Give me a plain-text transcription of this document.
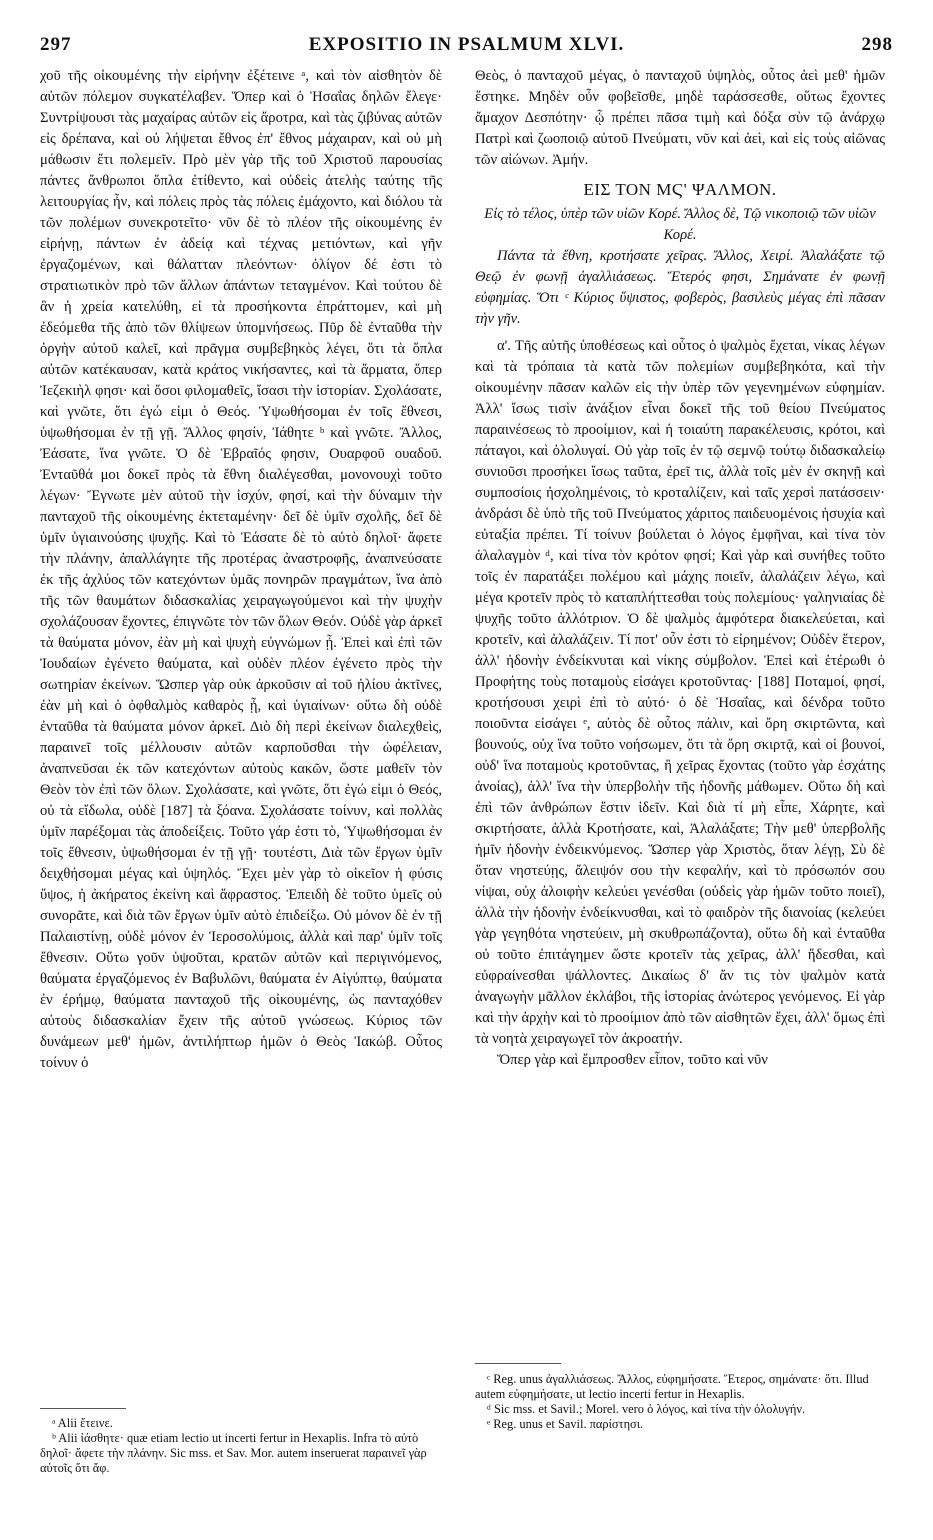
297	EXPOSITIO IN PSALMUM XLVI.	298

χοῦ τῆς οἰκουμένης τὴν εἰρήνην ἐξέτεινε ᵃ, καὶ τὸν αἰσθητὸν δὲ αὐτῶν πόλεμον συγκατέλαβεν. Ὅπερ καὶ ὁ Ἡσαΐας δηλῶν ἔλεγε· Συντρίψουσι τὰς μαχαίρας αὐτῶν εἰς ἄροτρα, καὶ τὰς ζιβύνας αὐτῶν εἰς δρέπανα, καὶ οὐ λήψεται ἔθνος ἐπ' ἔθνος μάχαιραν, καὶ οὐ μὴ μάθωσιν ἔτι πολεμεῖν. Πρὸ μὲν γὰρ τῆς τοῦ Χριστοῦ παρουσίας πάντες ἄνθρωποι ὅπλα ἐτίθεντο, καὶ οὐδεὶς ἀτελὴς ταύτης τῆς λειτουργίας ἦν, καὶ πόλεις πρὸς τὰς πόλεις ἐμάχοντο, καὶ διόλου τὰ τῶν πολέμων συνεκροτεῖτο· νῦν δὲ τὸ πλέον τῆς οἰκουμένης ἐν εἰρήνῃ, πάντων ἐν ἀδείᾳ καὶ τέχνας μετιόντων, καὶ γῆν ἐργαζομένων, καὶ θάλατταν πλεόντων· ὀλίγον δέ ἐστι τὸ στρατιωτικὸν πρὸ τῶν ἄλλων ἁπάντων τεταγμένον. Καὶ τούτου δὲ ἂν ἡ χρεία κατελύθη, εἰ τὰ προσήκοντα ἐπράττομεν, καὶ μὴ ἐδεόμεθα τῆς ἀπὸ τῶν θλίψεων ὑπομνήσεως. Πῦρ δὲ ἐνταῦθα τὴν ὀργὴν αὐτοῦ καλεῖ, καὶ πρᾶγμα συμβεβηκὸς λέγει, ὅτι τὰ ὅπλα αὐτῶν κατέκαυσαν, κατὰ κράτος νικήσαντες, καὶ τὰ ἅρματα, ὅπερ Ἰεζεκιὴλ φησι· καὶ ὅσοι φιλομαθεῖς, ἴσασι τὴν ἱστορίαν. Σχολάσατε, καὶ γνῶτε, ὅτι ἐγώ εἰμι ὁ Θεός. Ὑψωθήσομαι ἐν τοῖς ἔθνεσι, ὑψωθήσομαι ἐν τῇ γῇ. Ἄλλος φησίν, Ἰάθητε ᵇ καὶ γνῶτε. Ἄλλος, Ἐάσατε, ἵνα γνῶτε. Ὁ δὲ Ἑβραῖός φησιν, Ουαρφοῦ ουαδοῦ. Ἐνταῦθά μοι δοκεῖ πρὸς τὰ ἔθνη διαλέγεσθαι, μονονουχὶ τοῦτο λέγων· Ἔγνωτε μὲν αὐτοῦ τὴν ἰσχύν, φησί, καὶ τὴν δύναμιν τὴν πανταχοῦ τῆς οἰκουμένης ἐκτεταμένην· δεῖ δὲ ὑμῖν σχολῆς, δεῖ δὲ ὑμῖν ὑγιαινούσης ψυχῆς. Καὶ τὸ Ἐάσατε δὲ τὸ αὐτὸ δηλοῖ· ἄφετε τὴν πλάνην, ἀπαλλάγητε τῆς προτέρας ἀναστροφῆς, ἀναπνεύσατε ἐκ τῆς ἀχλύος τῶν κατεχόντων ὑμᾶς πονηρῶν πραγμάτων, ἵνα ἀπὸ τῆς τῶν θαυμάτων διδασκαλίας χειραγωγούμενοι καὶ τὴν ψυχὴν σχολάζουσαν ἔχοντες, ἐπιγνῶτε τὸν τῶν ὅλων Θεόν. Οὐδὲ γὰρ ἀρκεῖ τὰ θαύματα μόνον, ἐὰν μὴ καὶ ψυχὴ εὐγνώμων ᾖ. Ἐπεὶ καὶ ἐπὶ τῶν Ἰουδαίων ἐγένετο θαύματα, καὶ οὐδὲν πλέον ἐγένετο πρὸς τὴν σωτηρίαν ἐκείνων. Ὥσπερ γὰρ οὐκ ἀρκοῦσιν αἱ τοῦ ἡλίου ἀκτῖνες, ἐὰν μὴ καὶ ὁ ὀφθαλμὸς καθαρὸς ᾖ, καὶ ὑγιαίνων· οὕτω δὴ οὐδὲ ἐνταῦθα τὰ θαύματα μόνον ἀρκεῖ. Διὸ δὴ περὶ ἐκείνων διαλεχθεὶς, παραινεῖ τοῖς μέλλουσιν αὐτῶν καρποῦσθαι τὴν ὠφέλειαν, ἀναπνεῦσαι ἐκ τῶν κατεχόντων αὐτοὺς κακῶν, ὥστε μαθεῖν τὸν Θεὸν τὸν ἐπὶ τῶν ὅλων. Σχολάσατε, καὶ γνῶτε, ὅτι ἐγώ εἰμι ὁ Θεός, οὐ τὰ εἴδωλα, οὐδὲ [187] τὰ ξόανα. Σχολάσατε τοίνυν, καὶ πολλὰς ὑμῖν παρέξομαι τὰς ἀποδείξεις. Τοῦτο γάρ ἐστι τὸ, Ὑψωθήσομαι ἐν τοῖς ἔθνεσιν, ὑψωθήσομαι ἐν τῇ γῇ· τουτέστι, Διὰ τῶν ἔργων ὑμῖν δειχθήσομαι μέγας καὶ ὑψηλός. Ἔχει μὲν γὰρ τὸ οἰκεῖον ἡ φύσις ὕψος, ἡ ἀκήρατος ἐκείνη καὶ ἄφραστος. Ἐπειδὴ δὲ τοῦτο ὑμεῖς οὐ συνορᾶτε, καὶ διὰ τῶν ἔργων ὑμῖν αὐτὸ ἐπιδείξω. Οὐ μόνον δὲ ἐν τῇ Παλαιστίνῃ, οὐδὲ μόνον ἐν Ἱεροσολύμοις, ἀλλὰ καὶ παρ' ὑμῖν τοῖς ἔθνεσιν. Οὕτω γοῦν ὑψοῦται, κρατῶν αὐτῶν καὶ περιγινόμενος, θαύματα ἐργαζόμενος ἐν Βαβυλῶνι, θαύματα ἐν Αἰγύπτῳ, θαύματα ἐν ἐρήμῳ, θαύματα πανταχοῦ τῆς οἰκουμένης, ὡς πανταχόθεν αὐτοὺς διδασκαλίαν ἔχειν τῆς αὐτοῦ γνώσεως. Κύριος τῶν δυνάμεων μεθ' ἡμῶν, ἀντιλήπτωρ ἡμῶν ὁ Θεὸς Ἰακώβ. Οὗτος τοίνυν ὁ

Θεὸς, ὁ πανταχοῦ μέγας, ὁ πανταχοῦ ὑψηλὸς, οὗτος ἀεὶ μεθ' ἡμῶν ἕστηκε. Μηδὲν οὖν φοβεῖσθε, μηδὲ ταράσσεσθε, οὕτως ἔχοντες ἄμαχον Δεσπότην· ᾧ πρέπει πᾶσα τιμὴ καὶ δόξα σὺν τῷ ἀνάρχῳ Πατρὶ καὶ ζωοποιῷ αὐτοῦ Πνεύματι, νῦν καὶ ἀεὶ, καὶ εἰς τοὺς αἰῶνας τῶν αἰώνων. Ἀμήν.

ΕΙΣ ΤΟΝ ΜϚ' ΨΑΛΜΟΝ.

Εἰς τὸ τέλος, ὑπὲρ τῶν υἱῶν Κορέ. Ἄλλος δὲ, Τῷ νικοποιῷ τῶν υἱῶν Κορέ.

Πάντα τὰ ἔθνη, κροτήσατε χεῖρας. Ἄλλος, Χειρί. Ἀλαλάξατε τῷ Θεῷ ἐν φωνῇ ἀγαλλιάσεως. Ἕτερός φησι, Σημάνατε ἐν φωνῇ εὐφημίας. Ὅτι ᶜ Κύριος ὕψιστος, φοβερὸς, βασιλεὺς μέγας ἐπὶ πᾶσαν τὴν γῆν.

α'. Τῆς αὐτῆς ὑποθέσεως καὶ οὗτος ὁ ψαλμὸς ἔχεται, νίκας λέγων καὶ τὰ τρόπαια τὰ κατὰ τῶν πολεμίων συμβεβηκότα, καὶ τὴν οἰκουμένην πᾶσαν καλῶν εἰς τὴν ὑπὲρ τῶν γεγενημένων εὐφημίαν. Ἀλλ' ἴσως τισὶν ἀνάξιον εἶναι δοκεῖ τῆς τοῦ θείου Πνεύματος παραινέσεως τὸ προοίμιον, καὶ ἡ τοιαύτη παρακέλευσις, κρότοι, καὶ πάταγοι, καὶ ὀλολυγαί. Οὐ γὰρ τοῖς ἐν τῷ σεμνῷ τούτῳ διδασκαλείῳ συνιοῦσι προσήκει ἴσως ταῦτα, ἐρεῖ τις, ἀλλὰ τοῖς μὲν ἐν σκηνῇ καὶ συμποσίοις ἠσχολημένοις, τὸ κροταλίζειν, καὶ ταῖς χερσὶ πατάσσειν· ἀνδράσι δὲ ὑπὸ τῆς τοῦ Πνεύματος χάριτος παιδευομένοις ἡσυχία καὶ εὐταξία πρέπει. Τί τοίνυν βούλεται ὁ λόγος ἐμφῆναι, καὶ τίνα τὸν ἀλαλαγμὸν ᵈ, καὶ τίνα τὸν κρότον φησί; Καὶ γὰρ καὶ συνήθες τοῦτο τοῖς ἐν παρατάξει πολέμου καὶ μάχης ποιεῖν, ἀλαλάζειν λέγω, καὶ μέγα κροτεῖν πρὸς τὸ καταπλήττεσθαι τοὺς πολεμίους· γαληνιαίας δὲ ψυχῆς τοῦτο ἀλλότριον. Ὁ δὲ ψαλμὸς ἀμφότερα διακελεύεται, καὶ κροτεῖν, καὶ ἀλαλάζειν. Τί ποτ' οὖν ἐστι τὸ εἰρημένον; Οὐδὲν ἕτερον, ἀλλ' ἡδονὴν ἐνδείκνυται καὶ νίκης σύμβολον. Ἐπεὶ καὶ ἑτέρωθι ὁ Προφήτης τοὺς ποταμοὺς εἰσάγει κροτοῦντας· [188] Ποταμοί, φησί, κροτήσουσι χειρὶ ἐπὶ τὸ αὐτό· ὁ δὲ Ἡσαΐας, καὶ δένδρα τοῦτο ποιοῦντα εἰσάγει ᵉ, αὐτὸς δὲ οὗτος πάλιν, καὶ ὄρη σκιρτῶντα, καὶ βουνούς, οὐχ ἵνα τοῦτο νοήσωμεν, ὅτι τὰ ὄρη σκιρτᾷ, καὶ οἱ βουνοί, οὐδ' ἵνα ποταμοὺς κροτοῦντας, ἢ χεῖρας ἔχοντας (τοῦτο γὰρ ἐσχάτης ἀνοίας), ἀλλ' ἵνα τὴν ὑπερβολὴν τῆς ἡδονῆς μάθωμεν. Οὕτω δὴ καὶ ἐπὶ τῶν ἀνθρώπων ἔστιν ἰδεῖν. Καὶ διὰ τί μὴ εἶπε, Χάρητε, καὶ σκιρτήσατε, ἀλλὰ Κροτήσατε, καὶ, Ἀλαλάξατε; Τὴν μεθ' ὑπερβολῆς ἡμῖν ἡδονὴν ἐνδεικνύμενος. Ὥσπερ γὰρ Χριστὸς, ὅταν λέγῃ, Σὺ δὲ ὅταν νηστεύῃς, ἄλειψόν σου τὴν κεφαλήν, καὶ τὸ πρόσωπόν σου νίψαι, οὐχ ἀλοιφὴν κελεύει γενέσθαι (οὐδεὶς γὰρ ἡμῶν τοῦτο ποιεῖ), ἀλλὰ τὴν ἡδονὴν ἐνδείκνυσθαι, καὶ τὸ φαιδρὸν τῆς διανοίας (κελεύει γὰρ γεγηθότα νηστεύειν, μὴ σκυθρωπάζοντα), οὕτω δὴ καὶ ἐνταῦθα οὐ τοῦτο ἐπιτάγημεν ὥστε κροτεῖν τὰς χεῖρας, ἀλλ' ἥδεσθαι, καὶ εὐφραίνεσθαι ψάλλοντες. Δικαίως δ' ἄν τις τὸν ψαλμὸν κατὰ ἀναγωγὴν μᾶλλον ἐκλάβοι, τῆς ἱστορίας ἀνώτερος γενόμενος. Εἰ γὰρ καὶ τὴν ἀρχὴν καὶ τὸ προοίμιον ἀπὸ τῶν αἰσθητῶν ἔχει, ἀλλ' ὅμως ἐπὶ τὰ νοητὰ χειραγωγεῖ τὸν ἀκροατήν.

Ὅπερ γὰρ καὶ ἔμπροσθεν εἶπον, τοῦτο καὶ νῦν

ᵃ Alii ἔτεινε.

ᵇ Alii ἰάσθητε· quæ etiam lectio ut incerti fertur in Hexaplis. Infra τὸ αὐτὸ δηλοῖ· ἄφετε τὴν πλάνην. Sic mss. et Sav. Mor. autem inseruerat παραινεῖ γὰρ αὐτοῖς ὅτι ἄφ.

ᶜ Reg. unus ἀγαλλιάσεως. Ἄλλος, εὐφημήσατε. Ἕτερος, σημάνατε· ὅτι. Illud autem εὐφημήσατε, ut lectio incerti fertur in Hexaplis.

ᵈ Sic mss. et Savil.; Morel. vero ὁ λόγος, καὶ τίνα τὴν ὀλολυγήν.

ᵉ Reg. unus et Savil. παρίστησι.
